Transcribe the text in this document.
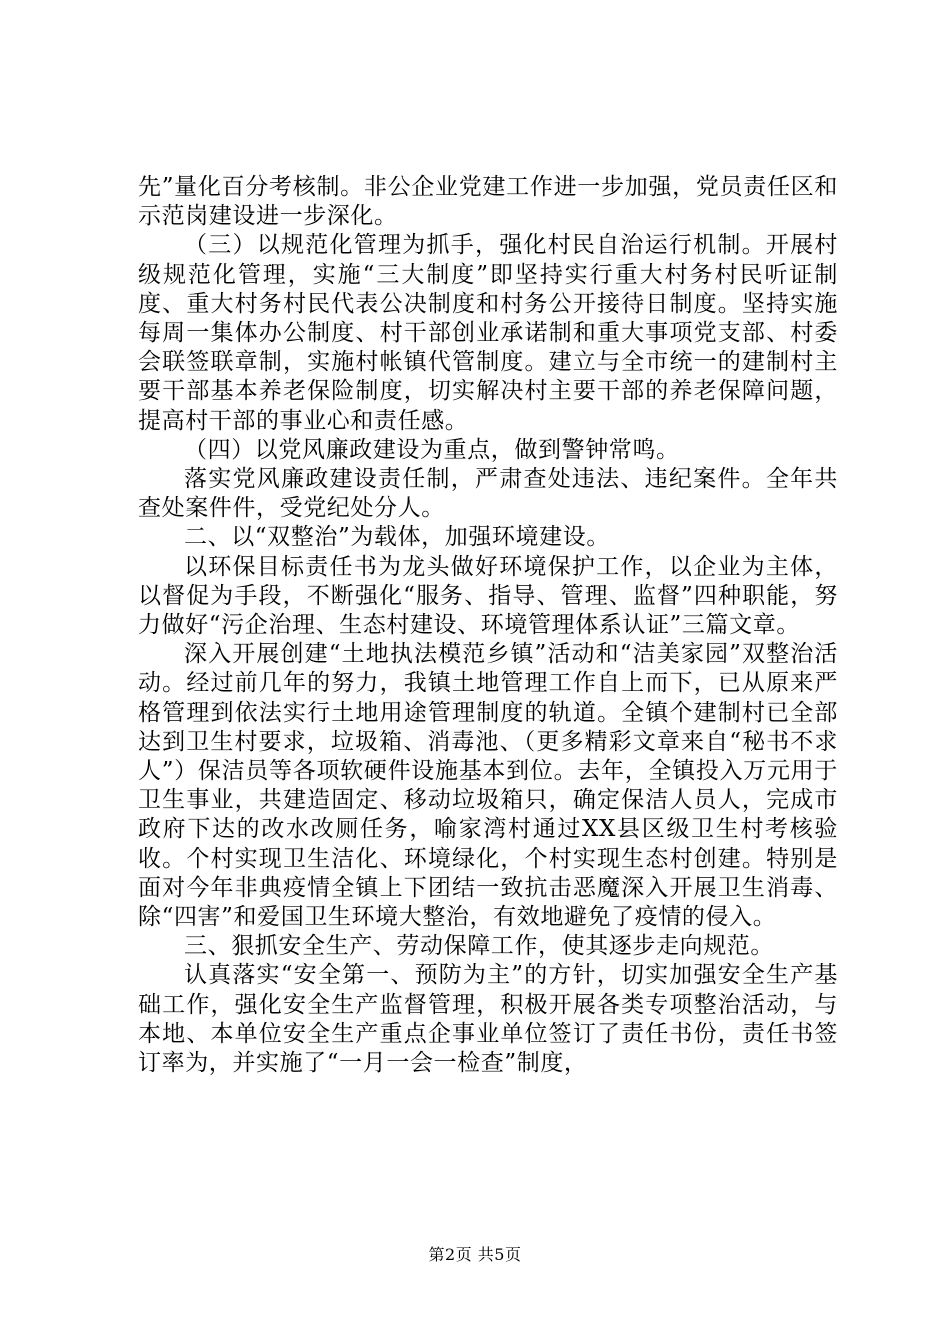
先”量化百分考核制。非公企业党建工作进一步加强，党员责任区和示范岗建设进一步深化。

（三）以规范化管理为抓手，强化村民自治运行机制。开展村级规范化管理，实施“三大制度”即坚持实行重大村务村民听证制度、重大村务村民代表公决制度和村务公开接待日制度。坚持实施每周一集体办公制度、村干部创业承诺制和重大事项党支部、村委会联签联章制，实施村帐镇代管制度。建立与全市统一的建制村主要干部基本养老保险制度，切实解决村主要干部的养老保障问题，提高村干部的事业心和责任感。

（四）以党风廉政建设为重点，做到警钟常鸣。

落实党风廉政建设责任制，严肃查处违法、违纪案件。全年共查处案件件，受党纪处分人。

二、以“双整治”为载体，加强环境建设。

以环保目标责任书为龙头做好环境保护工作，以企业为主体，以督促为手段，不断强化“服务、指导、管理、监督”四种职能，努力做好“污企治理、生态村建设、环境管理体系认证”三篇文章。

深入开展创建“土地执法模范乡镇”活动和“洁美家园”双整治活动。经过前几年的努力，我镇土地管理工作自上而下，已从原来严格管理到依法实行土地用途管理制度的轨道。全镇个建制村已全部达到卫生村要求，垃圾箱、消毒池、（更多精彩文章来自“秘书不求人”）保洁员等各项软硬件设施基本到位。去年，全镇投入万元用于卫生事业，共建造固定、移动垃圾箱只，确定保洁人员人，完成市政府下达的改水改厕任务，喻家湾村通过XX县区级卫生村考核验收。个村实现卫生洁化、环境绿化，个村实现生态村创建。特别是面对今年非典疫情全镇上下团结一致抗击恶魔深入开展卫生消毒、除“四害”和爱国卫生环境大整治，有效地避免了疫情的侵入。

三、狠抓安全生产、劳动保障工作，使其逐步走向规范。

认真落实“安全第一、预防为主”的方针，切实加强安全生产基础工作，强化安全生产监督管理，积极开展各类专项整治活动，与本地、本单位安全生产重点企事业单位签订了责任书份，责任书签订率为，并实施了“一月一会一检查”制度，

第2页 共5页
